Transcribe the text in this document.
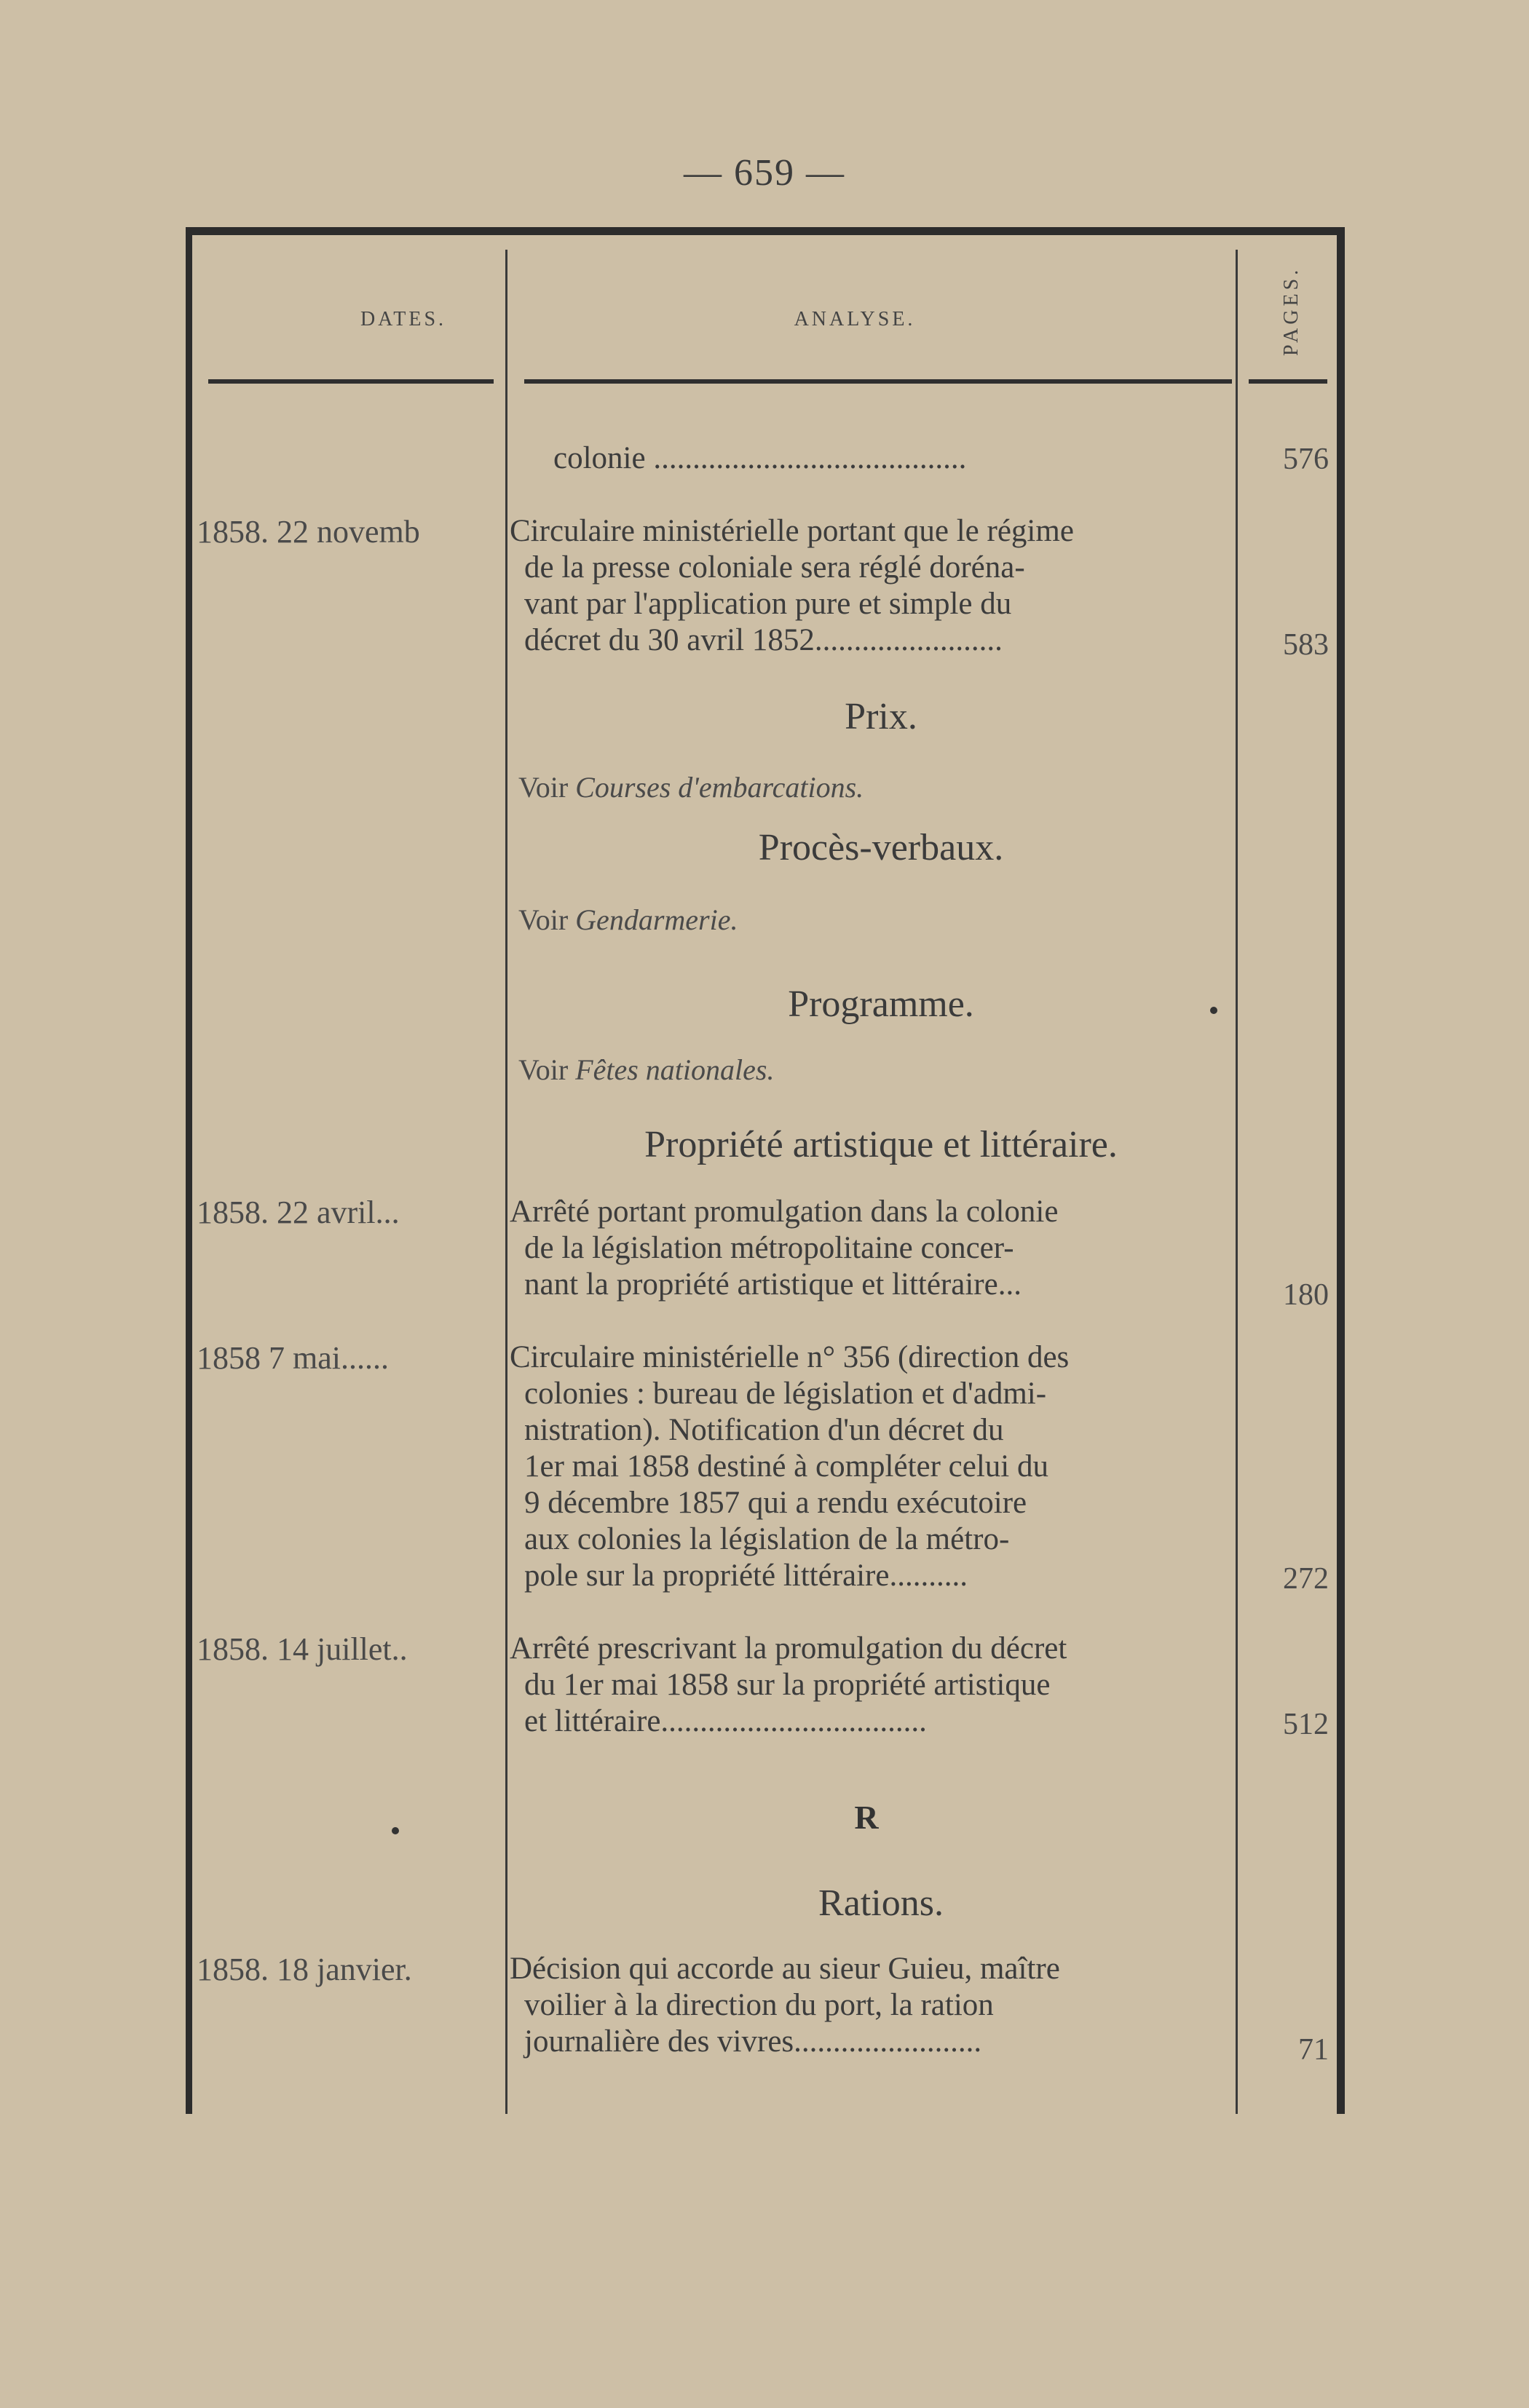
— 659 —
DATES.	ANALYSE.	PAGES.
colonie ........................................	576
1858. 22 novemb	Circulaire ministérielle portant que le régime
de la presse coloniale sera réglé doréna-
vant par l'application pure et simple du
décret du 30 avril 1852........................	583
Prix.
Voir Courses d'embarcations.
Procès-verbaux.
Voir Gendarmerie.
Programme.
Voir Fêtes nationales.
Propriété artistique et littéraire.
1858. 22 avril...	Arrêté portant promulgation dans la colonie
de la législation métropolitaine concer-
nant la propriété artistique et littéraire...	180
1858 7 mai......	Circulaire ministérielle n° 356 (direction des
colonies : bureau de législation et d'admi-
nistration). Notification d'un décret du
1er mai 1858 destiné à compléter celui du
9 décembre 1857 qui a rendu exécutoire
aux colonies la législation de la métro-
pole sur la propriété littéraire..........	272
1858. 14 juillet..	Arrêté prescrivant la promulgation du décret
du 1er mai 1858 sur la propriété artistique
et littéraire..................................	512
R
Rations.
1858. 18 janvier.	Décision qui accorde au sieur Guieu, maître
voilier à la direction du port, la ration
journalière des vivres........................	71
